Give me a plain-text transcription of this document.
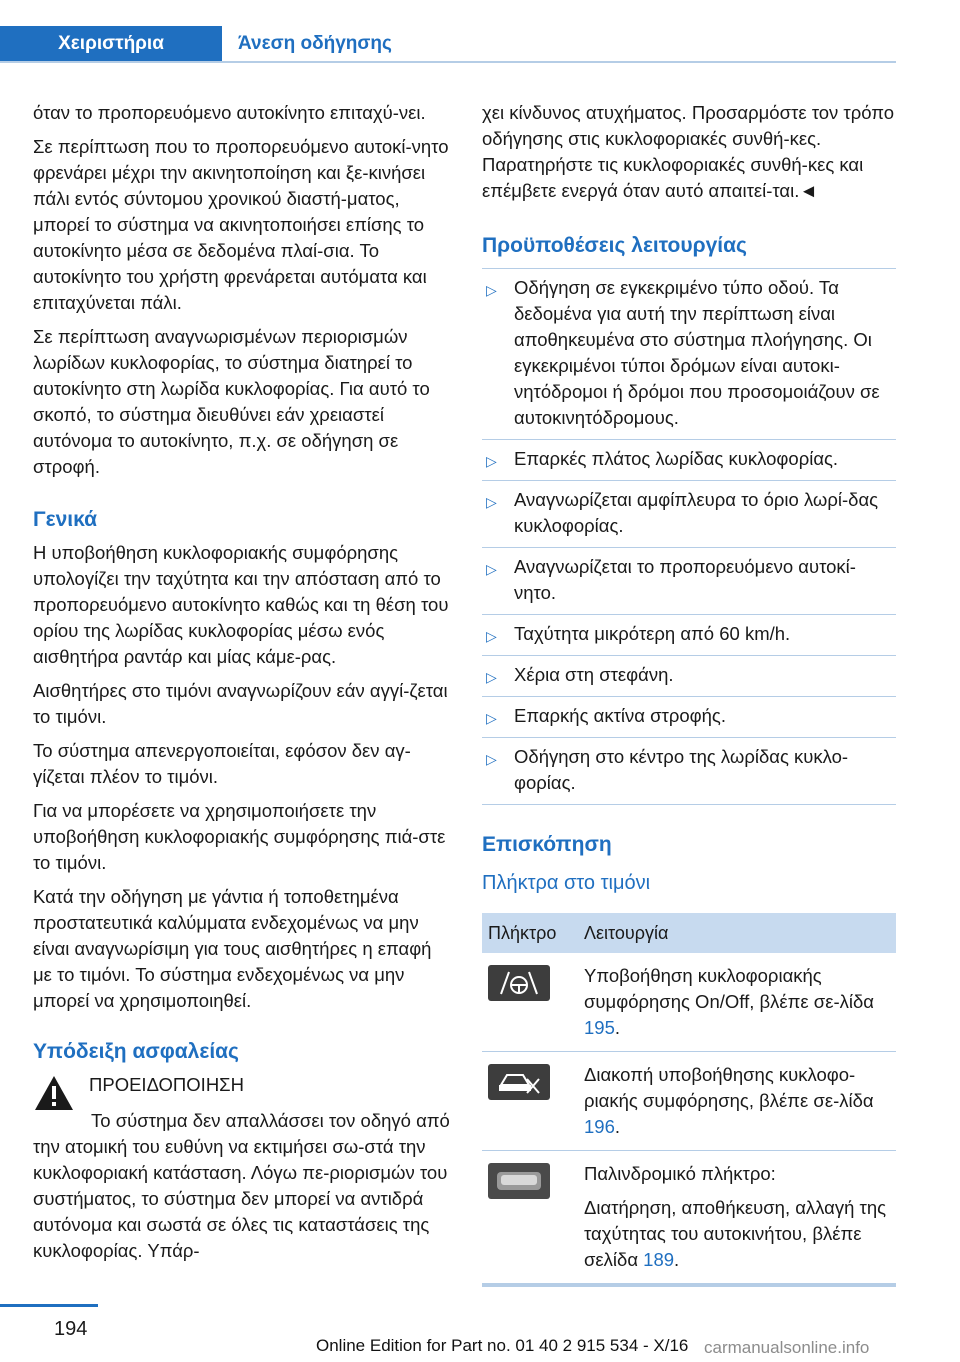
Χειριστήρια	Άνεση οδήγησης

όταν το προπορευόμενο αυτοκίνητο επιταχύ-νει.

Σε περίπτωση που το προπορευόμενο αυτοκί-νητο φρενάρει μέχρι την ακινητοποίηση και ξε-κινήσει πάλι εντός σύντομου χρονικού διαστή-ματος, μπορεί το σύστημα να ακινητοποιήσει επίσης το αυτοκίνητο μέσα σε δεδομένα πλαί-σια. Το αυτοκίνητο του χρήστη φρενάρεται αυτόματα και επιταχύνεται πάλι.

Σε περίπτωση αναγνωρισμένων περιορισμών λωρίδων κυκλοφορίας, το σύστημα διατηρεί το αυτοκίνητο στη λωρίδα κυκλοφορίας. Για αυτό το σκοπό, το σύστημα διευθύνει εάν χρειαστεί αυτόνομα το αυτοκίνητο, π.χ. σε οδήγηση σε στροφή.

Γενικά

Η υποβοήθηση κυκλοφοριακής συμφόρησης υπολογίζει την ταχύτητα και την απόσταση από το προπορευόμενο αυτοκίνητο καθώς και τη θέση του ορίου της λωρίδας κυκλοφορίας μέσω ενός αισθητήρα ραντάρ και μίας κάμε-ρας.

Αισθητήρες στο τιμόνι αναγνωρίζουν εάν αγγί-ζεται το τιμόνι.

Το σύστημα απενεργοποιείται, εφόσον δεν αγ-γίζεται πλέον το τιμόνι.

Για να μπορέσετε να χρησιμοποιήσετε την υποβοήθηση κυκλοφοριακής συμφόρησης πιά-στε το τιμόνι.

Κατά την οδήγηση με γάντια ή τοποθετημένα προστατευτικά καλύμματα ενδεχομένως να μην είναι αναγνωρίσιμη για τους αισθητήρες η επαφή με το τιμόνι. Το σύστημα ενδεχομένως να μην μπορεί να χρησιμοποιηθεί.

Υπόδειξη ασφαλείας

ΠΡΟΕΙΔΟΠΟΙΗΣΗ

Το σύστημα δεν απαλλάσσει τον οδηγό από την ατομική του ευθύνη να εκτιμήσει σω-στά την κυκλοφοριακή κατάσταση. Λόγω πε-ριορισμών του συστήματος, το σύστημα δεν μπορεί να αντιδρά αυτόνομα και σωστά σε όλες τις καταστάσεις της κυκλοφορίας. Υπάρ-

χει κίνδυνος ατυχήματος. Προσαρμόστε τον τρόπο οδήγησης στις κυκλοφοριακές συνθή-κες. Παρατηρήστε τις κυκλοφοριακές συνθή-κες και επέμβετε ενεργά όταν αυτό απαιτεί-ται.◄

Προϋποθέσεις λειτουργίας
▷ Οδήγηση σε εγκεκριμένο τύπο οδού. Τα δεδομένα για αυτή την περίπτωση είναι αποθηκευμένα στο σύστημα πλοήγησης. Οι εγκεκριμένοι τύποι δρόμων είναι αυτοκι-νητόδρομοι ή δρόμοι που προσομοιάζουν σε αυτοκινητόδρομους.
▷ Επαρκές πλάτος λωρίδας κυκλοφορίας.
▷ Αναγνωρίζεται αμφίπλευρα το όριο λωρί-δας κυκλοφορίας.
▷ Αναγνωρίζεται το προπορευόμενο αυτοκί-νητο.
▷ Ταχύτητα μικρότερη από 60 km/h.
▷ Χέρια στη στεφάνη.
▷ Επαρκής ακτίνα στροφής.
▷ Οδήγηση στο κέντρο της λωρίδας κυκλο-φορίας.
Επισκόπηση
Πλήκτρα στο τιμόνι
Πλήκτρο	Λειτουργία

	Υποβοήθηση κυκλοφοριακής συμφόρησης On/Off, βλέπε σε-λίδα 195.

	Διακοπή υποβοήθησης κυκλοφο-ριακής συμφόρησης, βλέπε σε-λίδα 196.

Παλινδρομικό πλήκτρο:
Διατήρηση, αποθήκευση, αλλαγή της ταχύτητας του αυτοκινήτου, βλέπε σελίδα 189.
194
Online Edition for Part no. 01 40 2 915 534 - X/16 carmanualsonline.info
